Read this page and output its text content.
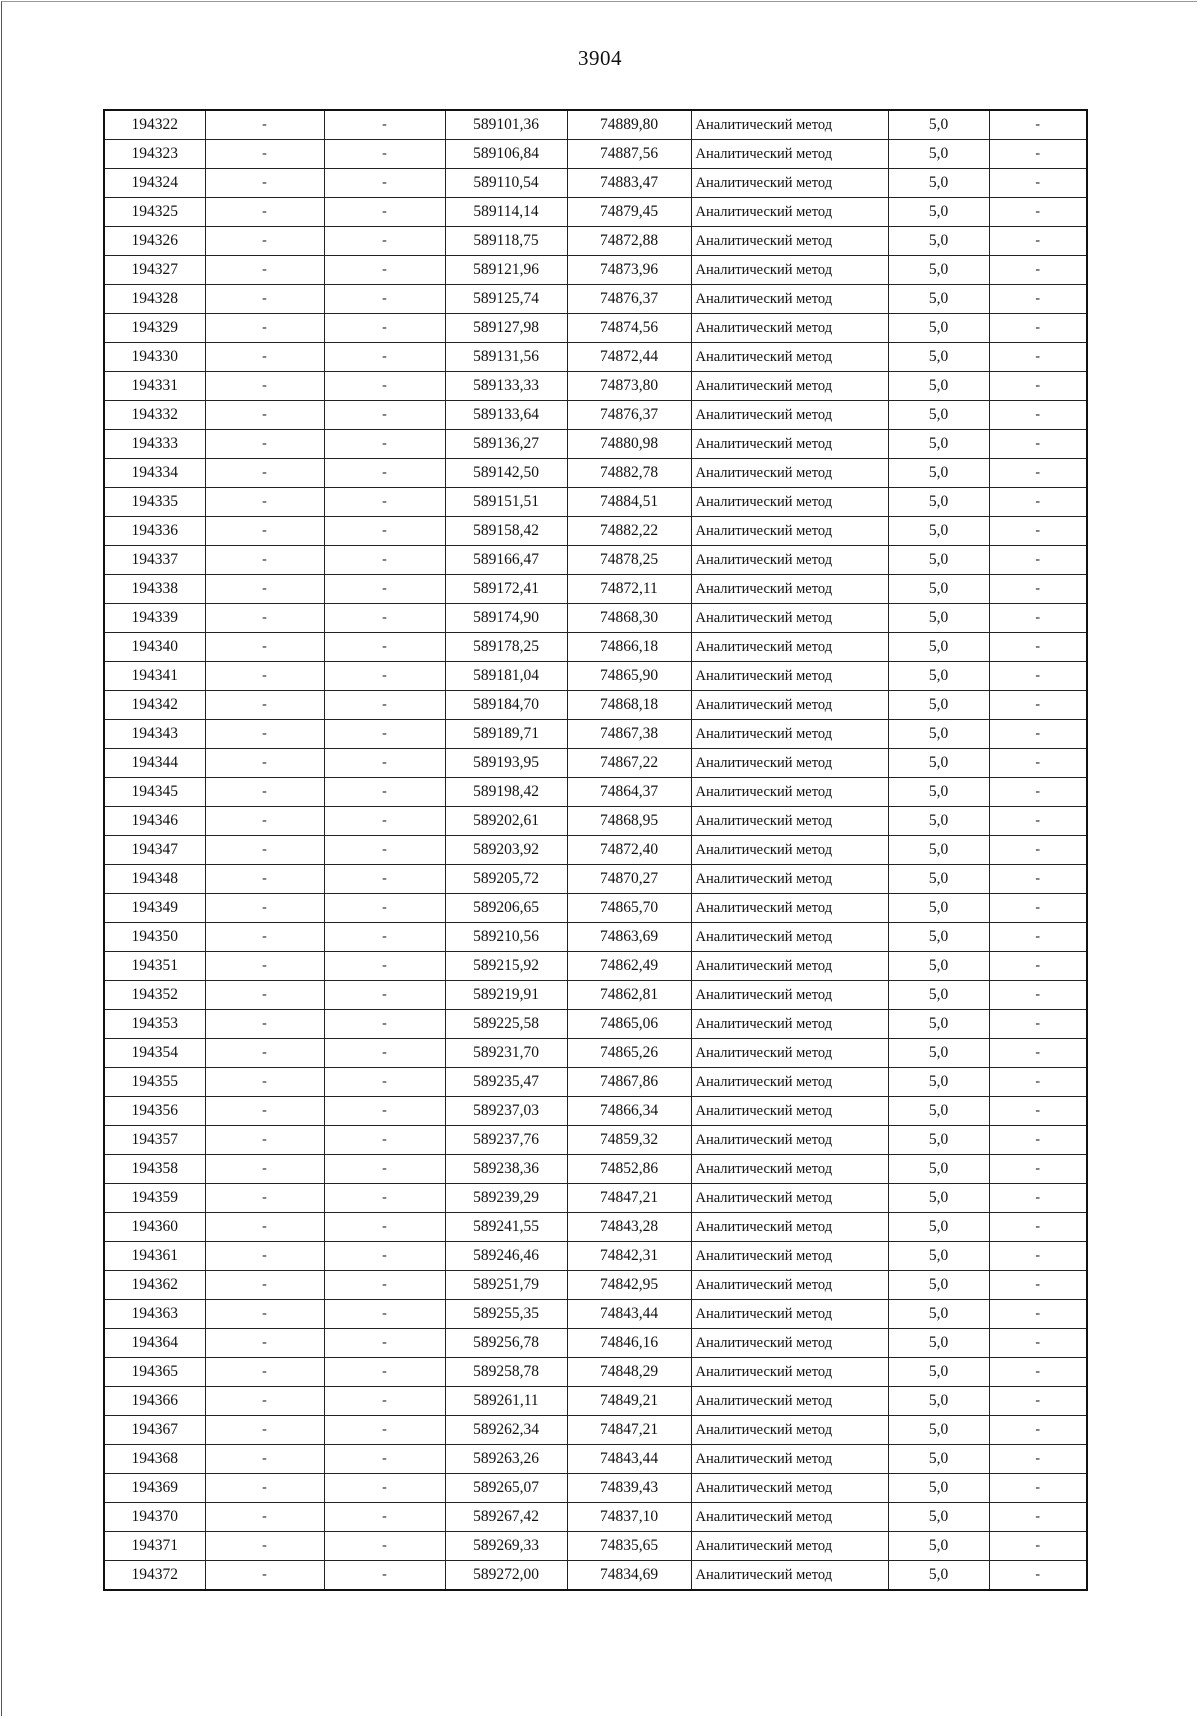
3904
194322	-	-	589101,36	74889,80	Аналитический метод	5,0	-
194323	-	-	589106,84	74887,56	Аналитический метод	5,0	-
194324	-	-	589110,54	74883,47	Аналитический метод	5,0	-
194325	-	-	589114,14	74879,45	Аналитический метод	5,0	-
194326	-	-	589118,75	74872,88	Аналитический метод	5,0	-
194327	-	-	589121,96	74873,96	Аналитический метод	5,0	-
194328	-	-	589125,74	74876,37	Аналитический метод	5,0	-
194329	-	-	589127,98	74874,56	Аналитический метод	5,0	-
194330	-	-	589131,56	74872,44	Аналитический метод	5,0	-
194331	-	-	589133,33	74873,80	Аналитический метод	5,0	-
194332	-	-	589133,64	74876,37	Аналитический метод	5,0	-
194333	-	-	589136,27	74880,98	Аналитический метод	5,0	-
194334	-	-	589142,50	74882,78	Аналитический метод	5,0	-
194335	-	-	589151,51	74884,51	Аналитический метод	5,0	-
194336	-	-	589158,42	74882,22	Аналитический метод	5,0	-
194337	-	-	589166,47	74878,25	Аналитический метод	5,0	-
194338	-	-	589172,41	74872,11	Аналитический метод	5,0	-
194339	-	-	589174,90	74868,30	Аналитический метод	5,0	-
194340	-	-	589178,25	74866,18	Аналитический метод	5,0	-
194341	-	-	589181,04	74865,90	Аналитический метод	5,0	-
194342	-	-	589184,70	74868,18	Аналитический метод	5,0	-
194343	-	-	589189,71	74867,38	Аналитический метод	5,0	-
194344	-	-	589193,95	74867,22	Аналитический метод	5,0	-
194345	-	-	589198,42	74864,37	Аналитический метод	5,0	-
194346	-	-	589202,61	74868,95	Аналитический метод	5,0	-
194347	-	-	589203,92	74872,40	Аналитический метод	5,0	-
194348	-	-	589205,72	74870,27	Аналитический метод	5,0	-
194349	-	-	589206,65	74865,70	Аналитический метод	5,0	-
194350	-	-	589210,56	74863,69	Аналитический метод	5,0	-
194351	-	-	589215,92	74862,49	Аналитический метод	5,0	-
194352	-	-	589219,91	74862,81	Аналитический метод	5,0	-
194353	-	-	589225,58	74865,06	Аналитический метод	5,0	-
194354	-	-	589231,70	74865,26	Аналитический метод	5,0	-
194355	-	-	589235,47	74867,86	Аналитический метод	5,0	-
194356	-	-	589237,03	74866,34	Аналитический метод	5,0	-
194357	-	-	589237,76	74859,32	Аналитический метод	5,0	-
194358	-	-	589238,36	74852,86	Аналитический метод	5,0	-
194359	-	-	589239,29	74847,21	Аналитический метод	5,0	-
194360	-	-	589241,55	74843,28	Аналитический метод	5,0	-
194361	-	-	589246,46	74842,31	Аналитический метод	5,0	-
194362	-	-	589251,79	74842,95	Аналитический метод	5,0	-
194363	-	-	589255,35	74843,44	Аналитический метод	5,0	-
194364	-	-	589256,78	74846,16	Аналитический метод	5,0	-
194365	-	-	589258,78	74848,29	Аналитический метод	5,0	-
194366	-	-	589261,11	74849,21	Аналитический метод	5,0	-
194367	-	-	589262,34	74847,21	Аналитический метод	5,0	-
194368	-	-	589263,26	74843,44	Аналитический метод	5,0	-
194369	-	-	589265,07	74839,43	Аналитический метод	5,0	-
194370	-	-	589267,42	74837,10	Аналитический метод	5,0	-
194371	-	-	589269,33	74835,65	Аналитический метод	5,0	-
194372	-	-	589272,00	74834,69	Аналитический метод	5,0	-
